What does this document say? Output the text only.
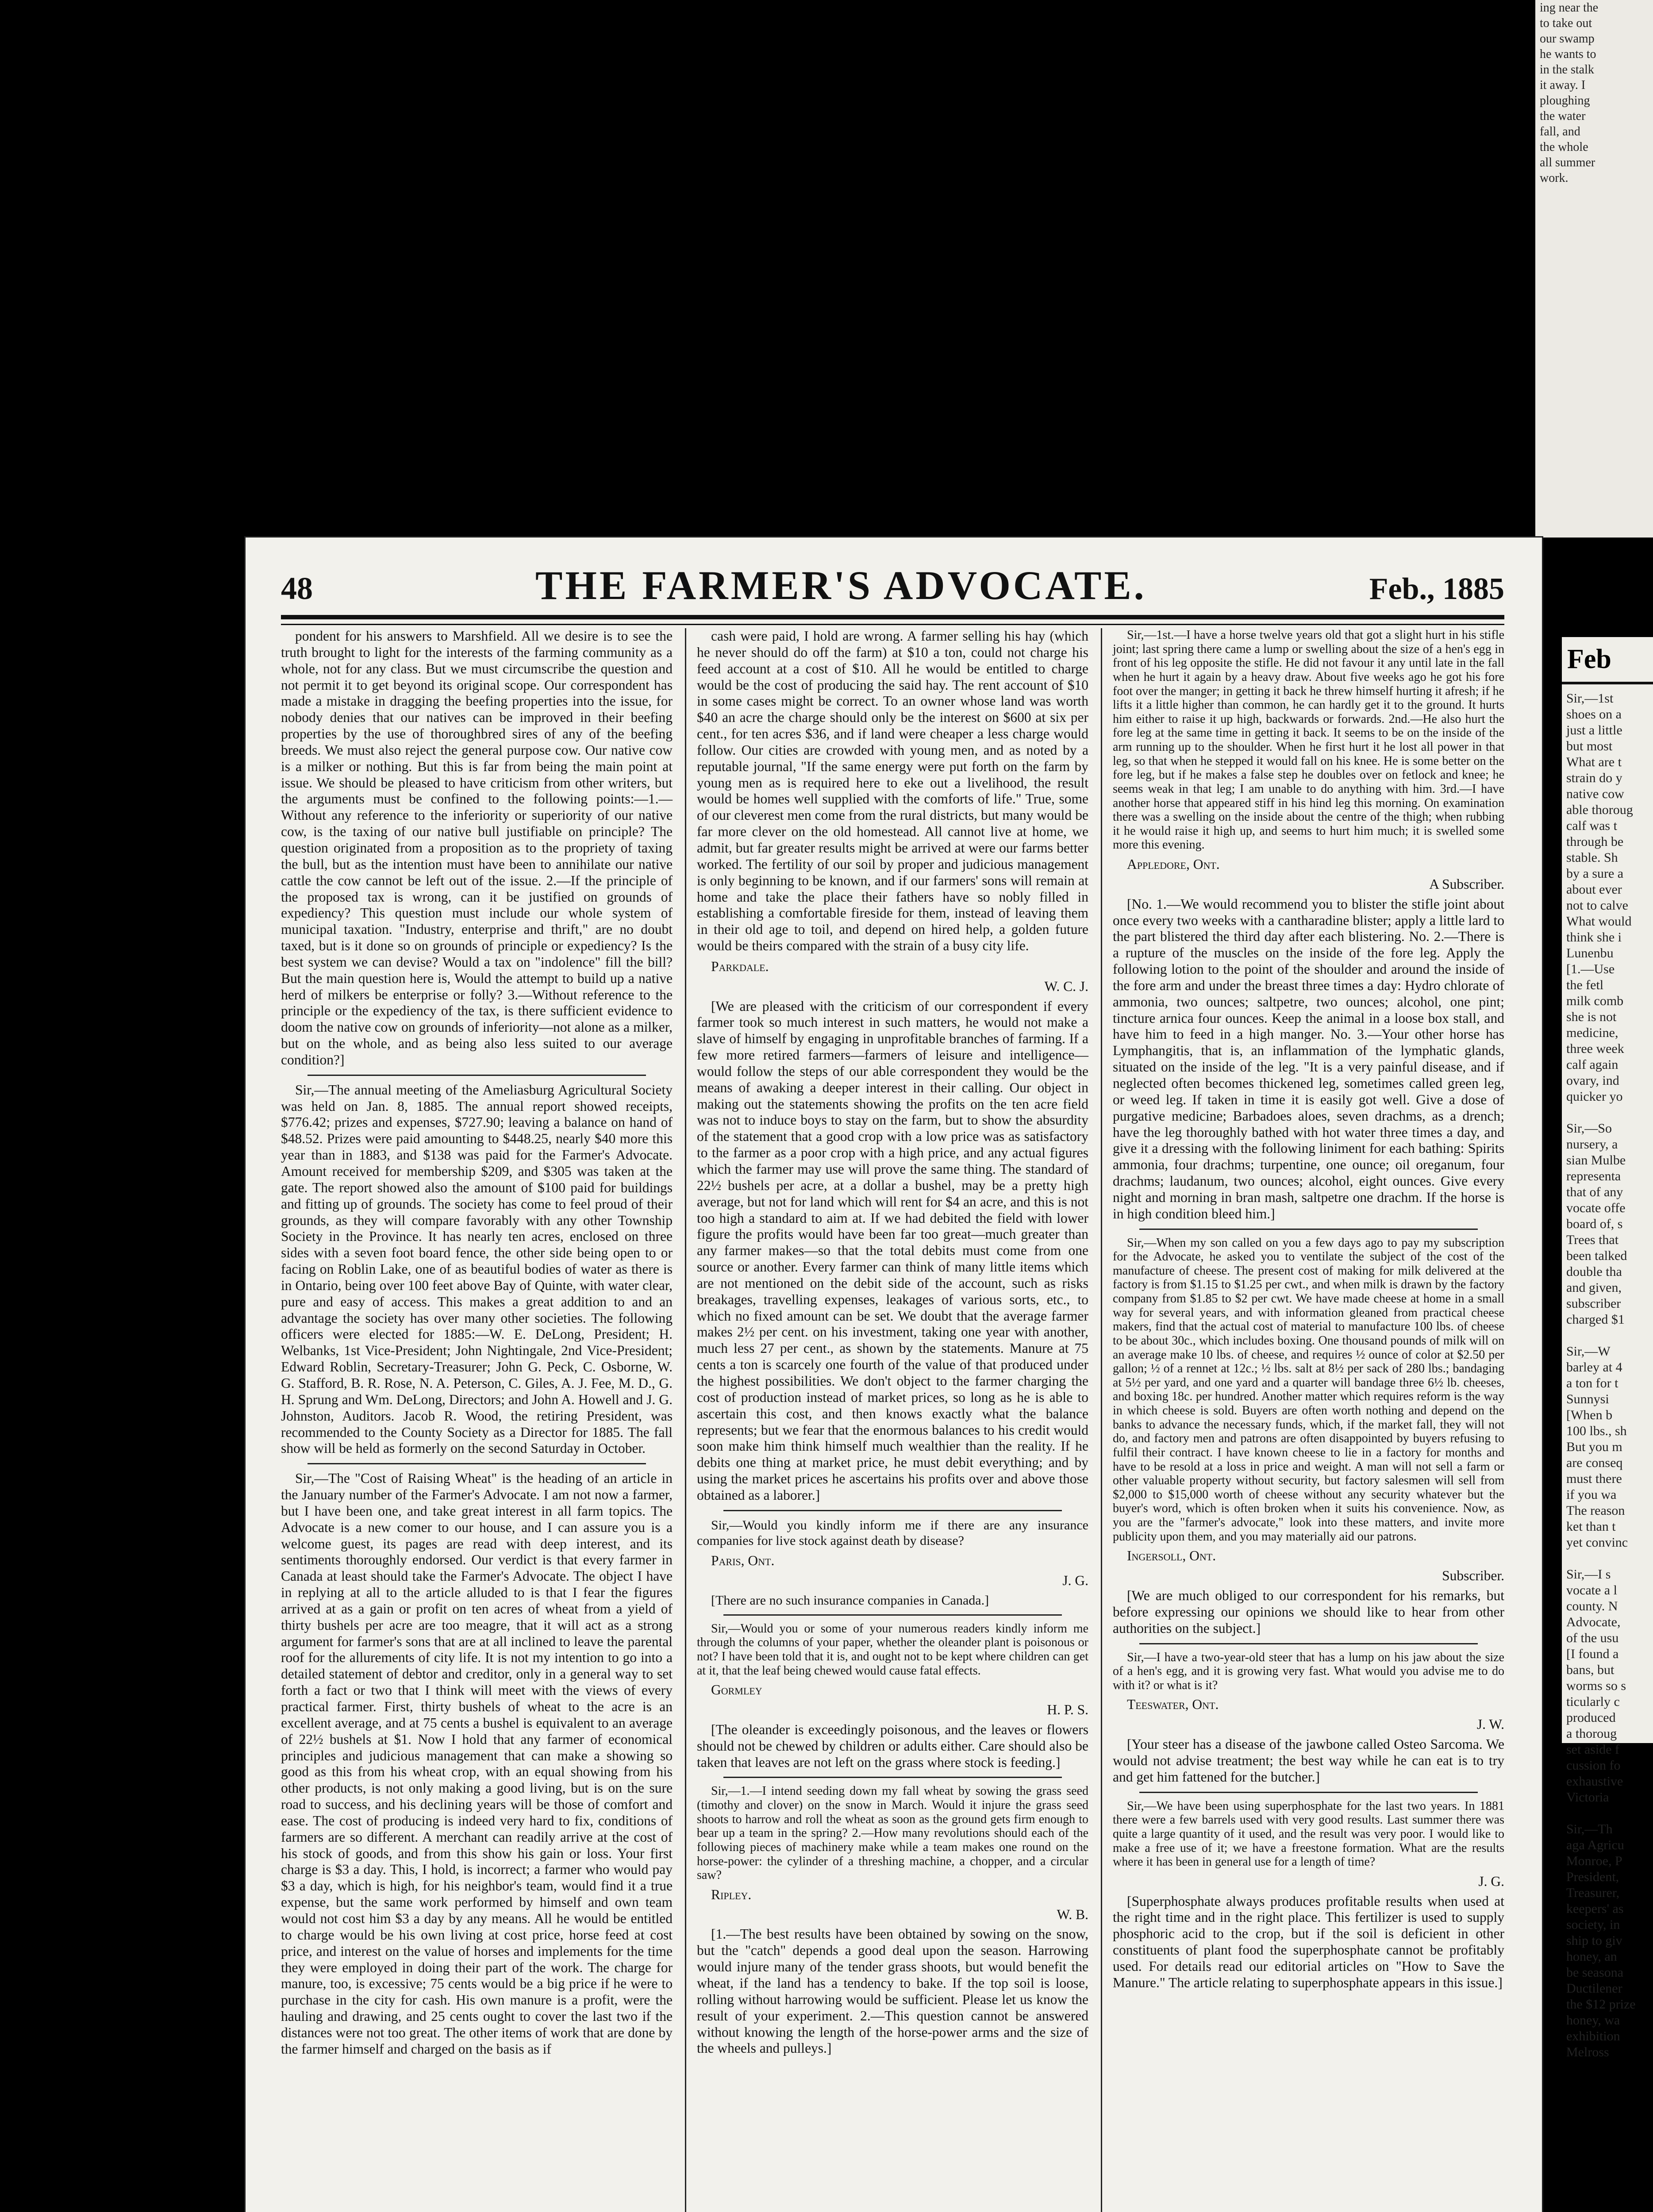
ing near the
to take out
our swamp
he wants to
in the stalk
it away. I
ploughing
the water
fall, and
the whole
all summer
work.
48	THE FARMER'S ADVOCATE.	Feb., 1885

pondent for his answers to Marshfield. All we desire is to see the truth brought to light for the interests of the farming community as a whole, not for any class. But we must circumscribe the question and not permit it to get beyond its original scope. Our correspondent has made a mistake in dragging the beefing properties into the issue, for nobody denies that our natives can be improved in their beefing properties by the use of thoroughbred sires of any of the beefing breeds. We must also reject the general purpose cow. Our native cow is a milker or nothing. But this is far from being the main point at issue. We should be pleased to have criticism from other writers, but the arguments must be confined to the following points:—1.—Without any reference to the inferiority or superiority of our native cow, is the taxing of our native bull justifiable on principle? The question originated from a proposition as to the propriety of taxing the bull, but as the intention must have been to annihilate our native cattle the cow cannot be left out of the issue. 2.—If the principle of the proposed tax is wrong, can it be justified on grounds of expediency? This question must include our whole system of municipal taxation. "Industry, enterprise and thrift," are no doubt taxed, but is it done so on grounds of principle or expediency? Is the best system we can devise? Would a tax on "indolence" fill the bill? But the main question here is, Would the attempt to build up a native herd of milkers be enterprise or folly? 3.—Without reference to the principle or the expediency of the tax, is there sufficient evidence to doom the native cow on grounds of inferiority—not alone as a milker, but on the whole, and as being also less suited to our average condition?]

Sir,—The annual meeting of the Ameliasburg Agricultural Society was held on Jan. 8, 1885. The annual report showed receipts, $776.42; prizes and expenses, $727.90; leaving a balance on hand of $48.52. Prizes were paid amounting to $448.25, nearly $40 more this year than in 1883, and $138 was paid for the Farmer's Advocate. Amount received for membership $209, and $305 was taken at the gate. The report showed also the amount of $100 paid for buildings and fitting up of grounds. The society has come to feel proud of their grounds, as they will compare favorably with any other Township Society in the Province. It has nearly ten acres, enclosed on three sides with a seven foot board fence, the other side being open to or facing on Roblin Lake, one of as beautiful bodies of water as there is in Ontario, being over 100 feet above Bay of Quinte, with water clear, pure and easy of access. This makes a great addition to and an advantage the society has over many other societies. The following officers were elected for 1885:—W. E. DeLong, President; H. Welbanks, 1st Vice-President; John Nightingale, 2nd Vice-President; Edward Roblin, Secretary-Treasurer; John G. Peck, C. Osborne, W. G. Stafford, B. R. Rose, N. A. Peterson, C. Giles, A. J. Fee, M. D., G. H. Sprung and Wm. DeLong, Directors; and John A. Howell and J. G. Johnston, Auditors. Jacob R. Wood, the retiring President, was recommended to the County Society as a Director for 1885. The fall show will be held as formerly on the second Saturday in October.

Sir,—The "Cost of Raising Wheat" is the heading of an article in the January number of the Farmer's Advocate. I am not now a farmer, but I have been one, and take great interest in all farm topics. The Advocate is a new comer to our house, and I can assure you is a welcome guest, its pages are read with deep interest, and its sentiments thoroughly endorsed. Our verdict is that every farmer in Canada at least should take the Farmer's Advocate. The object I have in replying at all to the article alluded to is that I fear the figures arrived at as a gain or profit on ten acres of wheat from a yield of thirty bushels per acre are too meagre, that it will act as a strong argument for farmer's sons that are at all inclined to leave the parental roof for the allurements of city life. It is not my intention to go into a detailed statement of debtor and creditor, only in a general way to set forth a fact or two that I think will meet with the views of every practical farmer. First, thirty bushels of wheat to the acre is an excellent average, and at 75 cents a bushel is equivalent to an average of 22½ bushels at $1. Now I hold that any farmer of economical principles and judicious management that can make a showing so good as this from his wheat crop, with an equal showing from his other products, is not only making a good living, but is on the sure road to success, and his declining years will be those of comfort and ease. The cost of producing is indeed very hard to fix, conditions of farmers are so different. A merchant can readily arrive at the cost of his stock of goods, and from this show his gain or loss. Your first charge is $3 a day. This, I hold, is incorrect; a farmer who would pay $3 a day, which is high, for his neighbor's team, would find it a true expense, but the same work performed by himself and own team would not cost him $3 a day by any means. All he would be entitled to charge would be his own living at cost price, horse feed at cost price, and interest on the value of horses and implements for the time they were employed in doing their part of the work. The charge for manure, too, is excessive; 75 cents would be a big price if he were to purchase in the city for cash. His own manure is a profit, were the hauling and drawing, and 25 cents ought to cover the last two if the distances were not too great. The other items of work that are done by the farmer himself and charged on the basis as if

cash were paid, I hold are wrong. A farmer selling his hay (which he never should do off the farm) at $10 a ton, could not charge his feed account at a cost of $10. All he would be entitled to charge would be the cost of producing the said hay. The rent account of $10 in some cases might be correct. To an owner whose land was worth $40 an acre the charge should only be the interest on $600 at six per cent., for ten acres $36, and if land were cheaper a less charge would follow. Our cities are crowded with young men, and as noted by a reputable journal, "If the same energy were put forth on the farm by young men as is required here to eke out a livelihood, the result would be homes well supplied with the comforts of life." True, some of our cleverest men come from the rural districts, but many would be far more clever on the old homestead. All cannot live at home, we admit, but far greater results might be arrived at were our farms better worked. The fertility of our soil by proper and judicious management is only beginning to be known, and if our farmers' sons will remain at home and take the place their fathers have so nobly filled in establishing a comfortable fireside for them, instead of leaving them in their old age to toil, and depend on hired help, a golden future would be theirs compared with the strain of a busy city life.

Parkdale.

W. C. J.

[We are pleased with the criticism of our correspondent if every farmer took so much interest in such matters, he would not make a slave of himself by engaging in unprofitable branches of farming. If a few more retired farmers—farmers of leisure and intelligence—would follow the steps of our able correspondent they would be the means of awaking a deeper interest in their calling. Our object in making out the statements showing the profits on the ten acre field was not to induce boys to stay on the farm, but to show the absurdity of the statement that a good crop with a low price was as satisfactory to the farmer as a poor crop with a high price, and any actual figures which the farmer may use will prove the same thing. The standard of 22½ bushels per acre, at a dollar a bushel, may be a pretty high average, but not for land which will rent for $4 an acre, and this is not too high a standard to aim at. If we had debited the field with lower figure the profits would have been far too great—much greater than any farmer makes—so that the total debits must come from one source or another. Every farmer can think of many little items which are not mentioned on the debit side of the account, such as risks breakages, travelling expenses, leakages of various sorts, etc., to which no fixed amount can be set. We doubt that the average farmer makes 2½ per cent. on his investment, taking one year with another, much less 27 per cent., as shown by the statements. Manure at 75 cents a ton is scarcely one fourth of the value of that produced under the highest possibilities. We don't object to the farmer charging the cost of production instead of market prices, so long as he is able to ascertain this cost, and then knows exactly what the balance represents; but we fear that the enormous balances to his credit would soon make him think himself much wealthier than the reality. If he debits one thing at market price, he must debit everything; and by using the market prices he ascertains his profits over and above those obtained as a laborer.]

Sir,—Would you kindly inform me if there are any insurance companies for live stock against death by disease?

Paris, Ont.

J. G.

[There are no such insurance companies in Canada.]

Sir,—Would you or some of your numerous readers kindly inform me through the columns of your paper, whether the oleander plant is poisonous or not? I have been told that it is, and ought not to be kept where children can get at it, that the leaf being chewed would cause fatal effects.

Gormley

H. P. S.

[The oleander is exceedingly poisonous, and the leaves or flowers should not be chewed by children or adults either. Care should also be taken that leaves are not left on the grass where stock is feeding.]

Sir,—1.—I intend seeding down my fall wheat by sowing the grass seed (timothy and clover) on the snow in March. Would it injure the grass seed shoots to harrow and roll the wheat as soon as the ground gets firm enough to bear up a team in the spring? 2.—How many revolutions should each of the following pieces of machinery make while a team makes one round on the horse-power: the cylinder of a threshing machine, a chopper, and a circular saw?

Ripley.

W. B.

[1.—The best results have been obtained by sowing on the snow, but the "catch" depends a good deal upon the season. Harrowing would injure many of the tender grass shoots, but would benefit the wheat, if the land has a tendency to bake. If the top soil is loose, rolling without harrowing would be sufficient. Please let us know the result of your experiment. 2.—This question cannot be answered without knowing the length of the horse-power arms and the size of the wheels and pulleys.]

Sir,—1st.—I have a horse twelve years old that got a slight hurt in his stifle joint; last spring there came a lump or swelling about the size of a hen's egg in front of his leg opposite the stifle. He did not favour it any until late in the fall when he hurt it again by a heavy draw. About five weeks ago he got his fore foot over the manger; in getting it back he threw himself hurting it afresh; if he lifts it a little higher than common, he can hardly get it to the ground. It hurts him either to raise it up high, backwards or forwards. 2nd.—He also hurt the fore leg at the same time in getting it back. It seems to be on the inside of the arm running up to the shoulder. When he first hurt it he lost all power in that leg, so that when he stepped it would fall on his knee. He is some better on the fore leg, but if he makes a false step he doubles over on fetlock and knee; he seems weak in that leg; I am unable to do anything with him. 3rd.—I have another horse that appeared stiff in his hind leg this morning. On examination there was a swelling on the inside about the centre of the thigh; when rubbing it he would raise it high up, and seems to hurt him much; it is swelled some more this evening.

Appledore, Ont.

A Subscriber.

[No. 1.—We would recommend you to blister the stifle joint about once every two weeks with a cantharadine blister; apply a little lard to the part blistered the third day after each blistering. No. 2.—There is a rupture of the muscles on the inside of the fore leg. Apply the following lotion to the point of the shoulder and around the inside of the fore arm and under the breast three times a day: Hydro chlorate of ammonia, two ounces; saltpetre, two ounces; alcohol, one pint; tincture arnica four ounces. Keep the animal in a loose box stall, and have him to feed in a high manger. No. 3.—Your other horse has Lymphangitis, that is, an inflammation of the lymphatic glands, situated on the inside of the leg. "It is a very painful disease, and if neglected often becomes thickened leg, sometimes called green leg, or weed leg. If taken in time it is easily got well. Give a dose of purgative medicine; Barbadoes aloes, seven drachms, as a drench; have the leg thoroughly bathed with hot water three times a day, and give it a dressing with the following liniment for each bathing: Spirits ammonia, four drachms; turpentine, one ounce; oil oreganum, four drachms; laudanum, two ounces; alcohol, eight ounces. Give every night and morning in bran mash, saltpetre one drachm. If the horse is in high condition bleed him.]

Sir,—When my son called on you a few days ago to pay my subscription for the Advocate, he asked you to ventilate the subject of the cost of the manufacture of cheese. The present cost of making for milk delivered at the factory is from $1.15 to $1.25 per cwt., and when milk is drawn by the factory company from $1.85 to $2 per cwt. We have made cheese at home in a small way for several years, and with information gleaned from practical cheese makers, find that the actual cost of material to manufacture 100 lbs. of cheese to be about 30c., which includes boxing. One thousand pounds of milk will on an average make 10 lbs. of cheese, and requires ½ ounce of color at $2.50 per gallon; ½ of a rennet at 12c.; ½ lbs. salt at 8½ per sack of 280 lbs.; bandaging at 5½ per yard, and one yard and a quarter will bandage three 6½ lb. cheeses, and boxing 18c. per hundred. Another matter which requires reform is the way in which cheese is sold. Buyers are often worth nothing and depend on the banks to advance the necessary funds, which, if the market fall, they will not do, and factory men and patrons are often disappointed by buyers refusing to fulfil their contract. I have known cheese to lie in a factory for months and have to be resold at a loss in price and weight. A man will not sell a farm or other valuable property without security, but factory salesmen will sell from $2,000 to $15,000 worth of cheese without any security whatever but the buyer's word, which is often broken when it suits his convenience. Now, as you are the "farmer's advocate," look into these matters, and invite more publicity upon them, and you may materially aid our patrons.

Ingersoll, Ont.

Subscriber.

[We are much obliged to our correspondent for his remarks, but before expressing our opinions we should like to hear from other authorities on the subject.]

Sir,—I have a two-year-old steer that has a lump on his jaw about the size of a hen's egg, and it is growing very fast. What would you advise me to do with it? or what is it?

Teeswater, Ont.

J. W.

[Your steer has a disease of the jawbone called Osteo Sarcoma. We would not advise treatment; the best way while he can eat is to try and get him fattened for the butcher.]

Sir,—We have been using superphosphate for the last two years. In 1881 there were a few barrels used with very good results. Last summer there was quite a large quantity of it used, and the result was very poor. I would like to make a free use of it; we have a freestone formation. What are the results where it has been in general use for a length of time?

J. G.

[Superphosphate always produces profitable results when used at the right time and in the right place. This fertilizer is used to supply phosphoric acid to the crop, but if the soil is deficient in other constituents of plant food the superphosphate cannot be profitably used. For details read our editorial articles on "How to Save the Manure." The article relating to superphosphate appears in this issue.]

Feb
Sir,—1st
shoes on a
just a little
but most
What are t
strain do y
native cow
able thoroug
calf was t
through be
stable. Sh
by a sure a
about ever
not to calve
What would
think she i
Lunenbu
[1.—Use
the fetl
milk comb
she is not
medicine,
three week
calf again
ovary, ind
quicker yo

Sir,—So
nursery, a
sian Mulbe
representa
that of any
vocate offe
board of, s
Trees that
been talked
double tha
and given,
subscriber
charged $1

Sir,—W
barley at 4
a ton for t
Sunnysi
[When b
100 lbs., sh
But you m
are conseq
must there
if you wa
The reason
ket than t
yet convinc

Sir,—I s
vocate a l
county. N
Advocate,
of the usu
[I found a
bans, but
worms so s
ticularly c
produced
a thoroug
set aside f
cussion fo
exhaustive
Victoria

Sir,—Th
aga Agricu
Monroe, P
President,
Treasurer,
keepers' as
society, in
ship to giv
honey, an
be seasona
Ductilener
the $12 prize
honey, wa
exhibition
Melross
